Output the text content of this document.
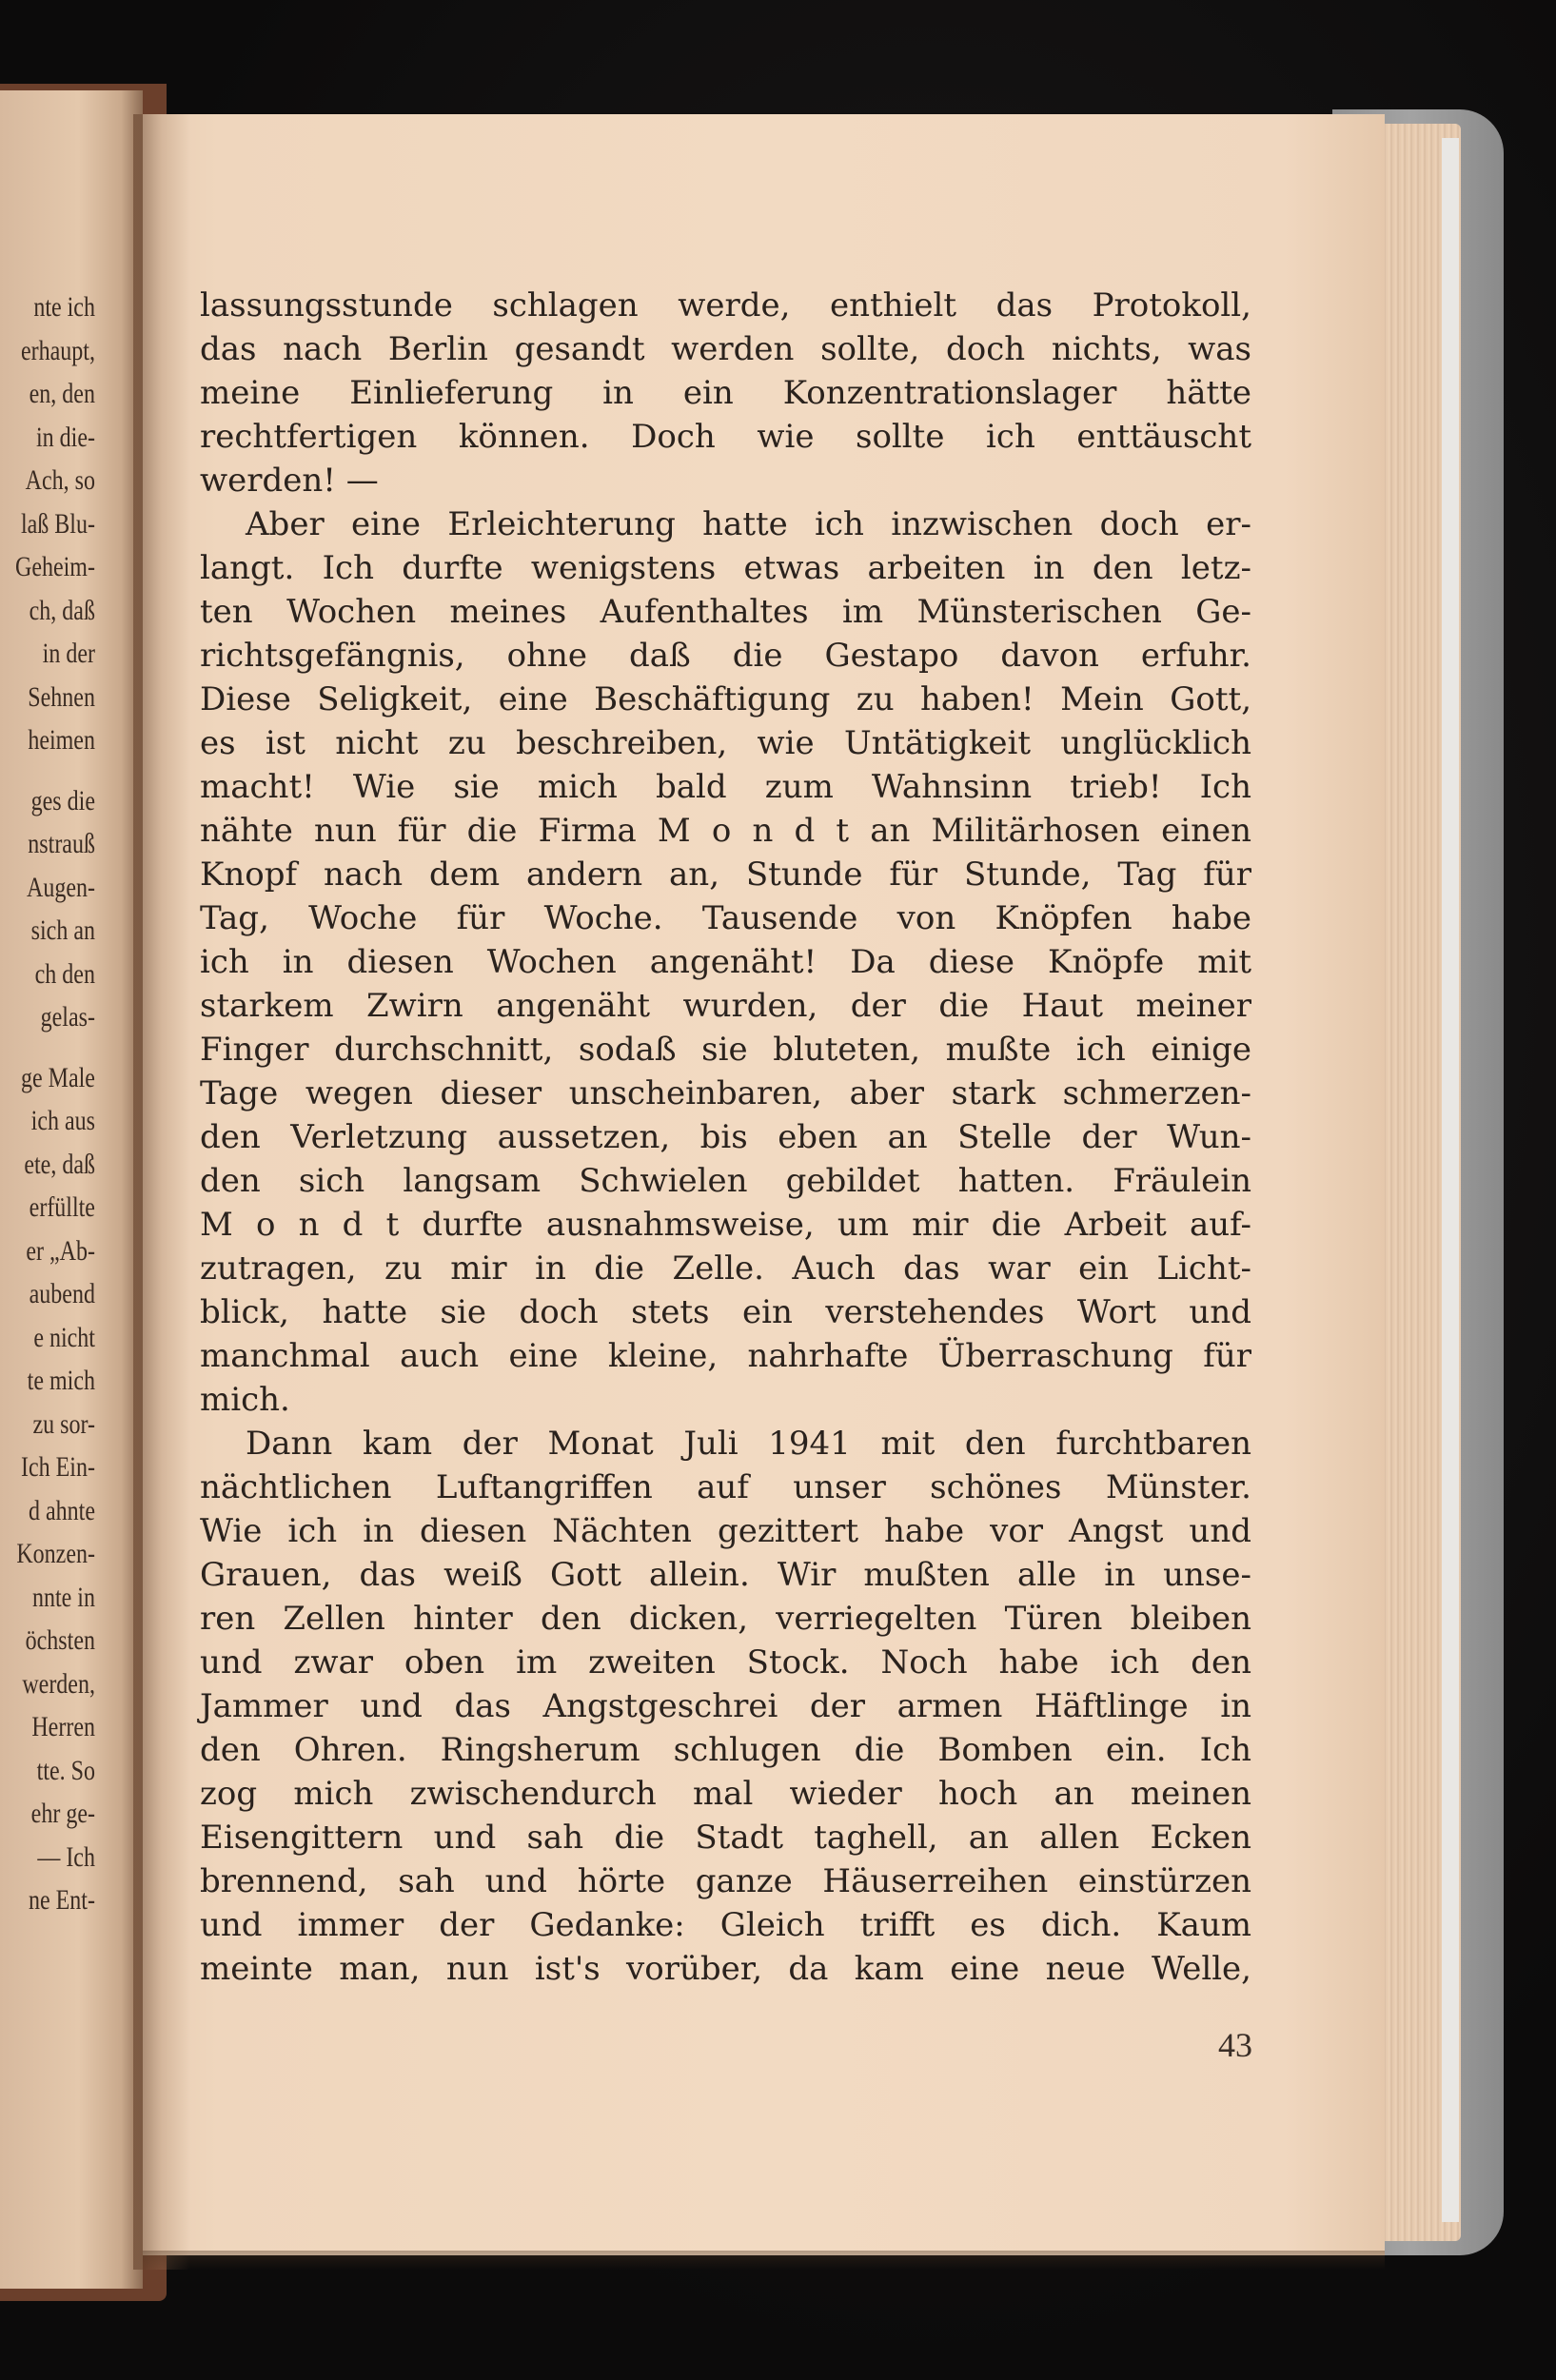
nte ich
erhaupt,
en, den
in die-
Ach, so
laß Blu-
Geheim-
ch, daß
in der
Sehnen
heimen
ges die
nstrauß
Augen-
sich an
ch den
gelas-
ge Male
ich aus
ete, daß
erfüllte
er „Ab-
aubend
e nicht
te mich
zu sor-
Ich Ein-
d ahnte
Konzen-
nnte in
öchsten
werden,
Herren
tte. So
ehr ge-
— Ich
ne Ent-
lassungsstunde schlagen werde, enthielt das Protokoll,
das nach Berlin gesandt werden sollte, doch nichts, was
meine Einlieferung in ein Konzentrationslager hätte
rechtfertigen können. Doch wie sollte ich enttäuscht
werden! —
Aber eine Erleichterung hatte ich inzwischen doch er-
langt. Ich durfte wenigstens etwas arbeiten in den letz-
ten Wochen meines Aufenthaltes im Münsterischen Ge-
richtsgefängnis, ohne daß die Gestapo davon erfuhr.
Diese Seligkeit, eine Beschäftigung zu haben! Mein Gott,
es ist nicht zu beschreiben, wie Untätigkeit unglücklich
macht! Wie sie mich bald zum Wahnsinn trieb! Ich
nähte nun für die Firma M o n d t an Militärhosen einen
Knopf nach dem andern an, Stunde für Stunde, Tag für
Tag, Woche für Woche. Tausende von Knöpfen habe
ich in diesen Wochen angenäht! Da diese Knöpfe mit
starkem Zwirn angenäht wurden, der die Haut meiner
Finger durchschnitt, sodaß sie bluteten, mußte ich einige
Tage wegen dieser unscheinbaren, aber stark schmerzen-
den Verletzung aussetzen, bis eben an Stelle der Wun-
den sich langsam Schwielen gebildet hatten. Fräulein
M o n d t durfte ausnahmsweise, um mir die Arbeit auf-
zutragen, zu mir in die Zelle. Auch das war ein Licht-
blick, hatte sie doch stets ein verstehendes Wort und
manchmal auch eine kleine, nahrhafte Überraschung für
mich.
Dann kam der Monat Juli 1941 mit den furchtbaren
nächtlichen Luftangriffen auf unser schönes Münster.
Wie ich in diesen Nächten gezittert habe vor Angst und
Grauen, das weiß Gott allein. Wir mußten alle in unse-
ren Zellen hinter den dicken, verriegelten Türen bleiben
und zwar oben im zweiten Stock. Noch habe ich den
Jammer und das Angstgeschrei der armen Häftlinge in
den Ohren. Ringsherum schlugen die Bomben ein. Ich
zog mich zwischendurch mal wieder hoch an meinen
Eisengittern und sah die Stadt taghell, an allen Ecken
brennend, sah und hörte ganze Häuserreihen einstürzen
und immer der Gedanke: Gleich trifft es dich. Kaum
meinte man, nun ist's vorüber, da kam eine neue Welle,
43
